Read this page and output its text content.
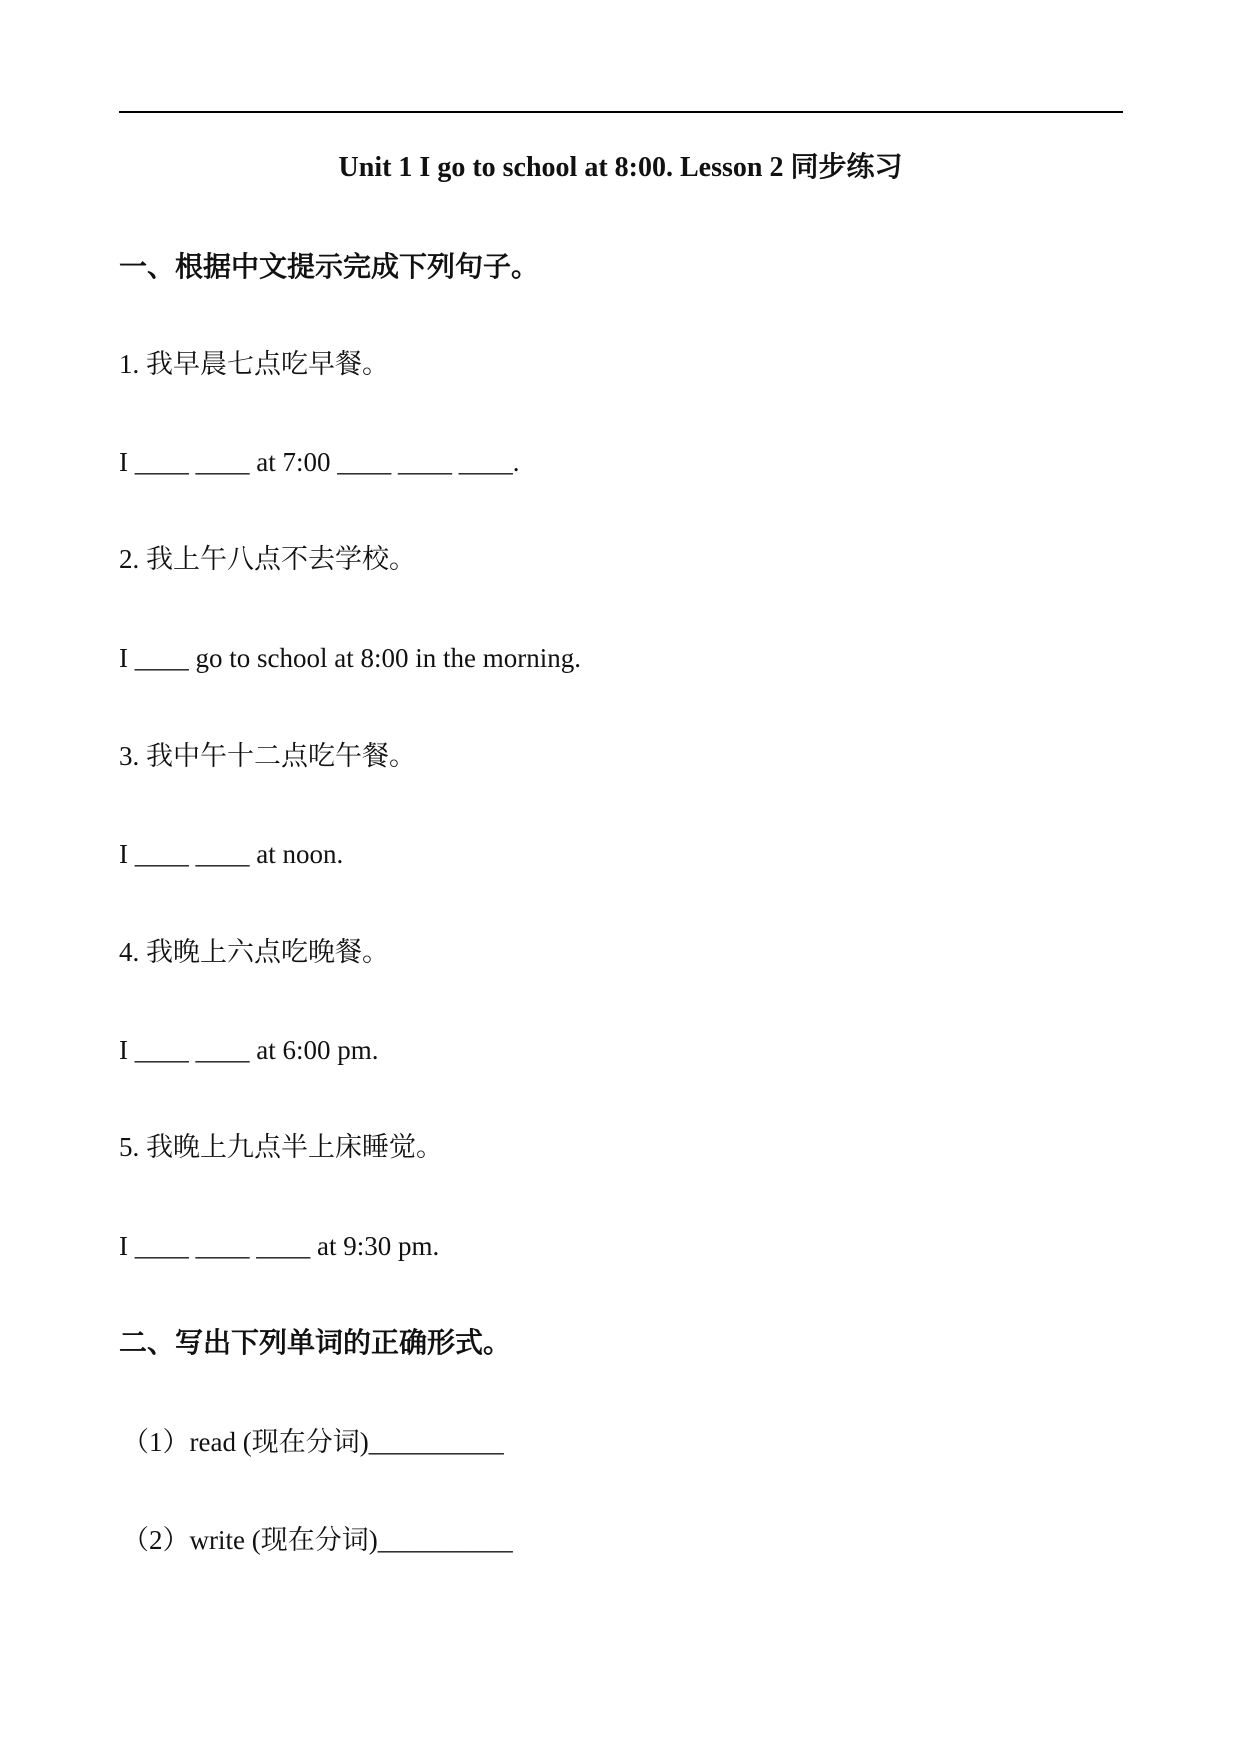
Unit 1 I go to school at 8:00. Lesson 2 同步练习
一、根据中文提示完成下列句子。
1. 我早晨七点吃早餐。
I ____ ____ at 7:00 ____ ____ ____.
2. 我上午八点不去学校。
I ____ go to school at 8:00 in the morning.
3. 我中午十二点吃午餐。
I ____ ____ at noon.
4. 我晚上六点吃晚餐。
I ____ ____ at 6:00 pm.
5. 我晚上九点半上床睡觉。
I ____ ____ ____ at 9:30 pm.
二、写出下列单词的正确形式。
（1）read (现在分词)__________
（2）write (现在分词)__________
